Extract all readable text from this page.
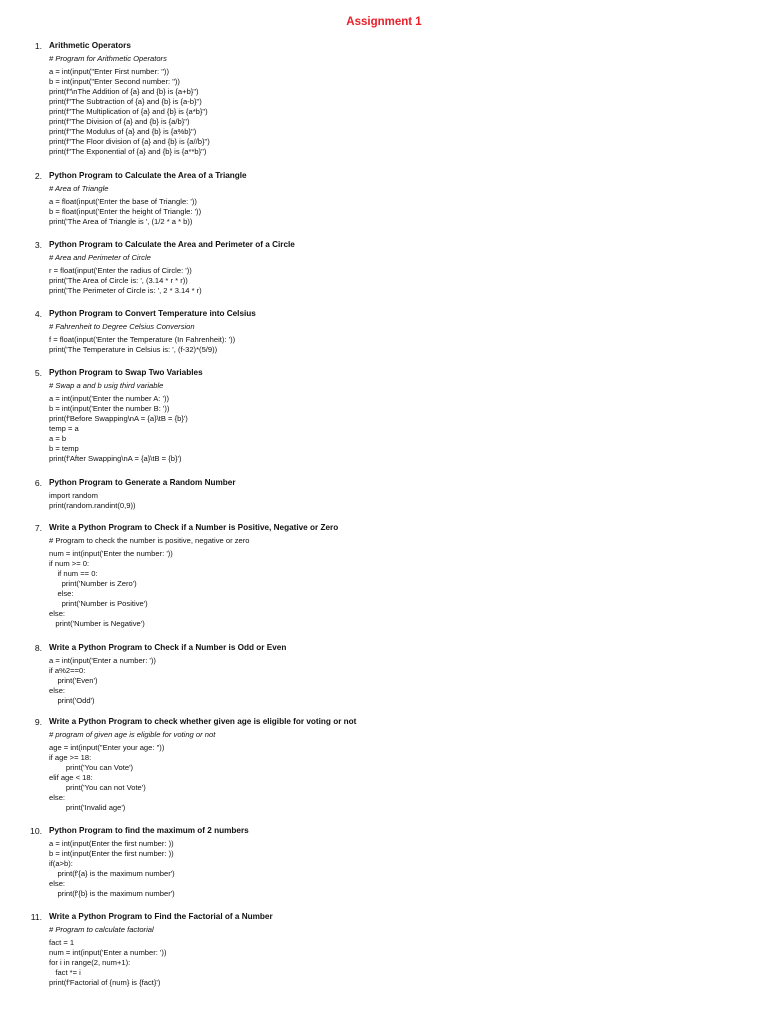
Assignment 1
1. Arithmetic Operators
# Program for Arithmetic Operators
a = int(input("Enter First number: "))
b = int(input("Enter Second number: "))
print(f"\nThe Addition of {a} and {b} is {a+b}")
print(f"The Subtraction of {a} and {b} is {a-b}")
print(f"The Multiplication of {a} and {b} is {a*b}")
print(f"The Division of {a} and {b} is {a/b}")
print(f"The Modulus of {a} and {b} is {a%b}")
print(f"The Floor division of {a} and {b} is {a//b}")
print(f"The Exponential of {a} and {b} is {a**b}")
2. Python Program to Calculate the Area of a Triangle
# Area of Triangle
a = float(input('Enter the base of Triangle: '))
b = float(input('Enter the height of Triangle: '))
print('The Area of Triangle is ', (1/2 * a * b))
3. Python Program to Calculate the Area and Perimeter of a Circle
# Area and Perimeter of Circle
r = float(input('Enter the radius of Circle: '))
print('The Area of Circle is: ', (3.14 * r * r))
print('The Perimeter of Circle is: ', 2 * 3.14 * r)
4. Python Program to Convert Temperature into Celsius
# Fahrenheit to Degree Celsius Conversion
f = float(input('Enter the Temperature (In Fahrenheit): '))
print('The Temperature in Celsius is: ', (f-32)*(5/9))
5. Python Program to Swap Two Variables
# Swap a and b usig third variable
a = int(input('Enter the number A: '))
b = int(input('Enter the number B: '))
print(f'Before Swapping\nA = {a}\tB = {b}')
temp = a
a = b
b = temp
print(f'After Swapping\nA = {a}\tB = {b}')
6. Python Program to Generate a Random Number
import random
print(random.randint(0,9))
7. Write a Python Program to Check if a Number is Positive, Negative or Zero
# Program to check the number is positive, negative or zero
num = int(input('Enter the number: '))
if num >= 0:
if num == 0:
print('Number is Zero')
else:
print('Number is Positive')
else:
print('Number is Negative')
8. Write a Python Program to Check if a Number is Odd or Even
a = int(input('Enter a number: '))
if a%2==0:
print('Even')
else:
print('Odd')
9. Write a Python Program to check whether given age is eligible for voting or not
# program of given age is eligible for voting or not
age = int(input("Enter your age: "))
if age >= 18:
print('You can Vote')
elif age < 18:
print('You can not Vote')
else:
print('Invalid age')
10. Python Program to find the maximum of 2 numbers
a = int(input(Enter the first number: ))
b = int(input(Enter the first number: ))
if(a>b):
print(f'{a} is the maximum number')
else:
print(f'{b} is the maximum number')
11. Write a Python Program to Find the Factorial of a Number
# Program to calculate factorial
fact = 1
num = int(input('Enter a number: '))
for i in range(2, num+1):
fact *= i
print(f'Factorial of {num} is {fact}')
